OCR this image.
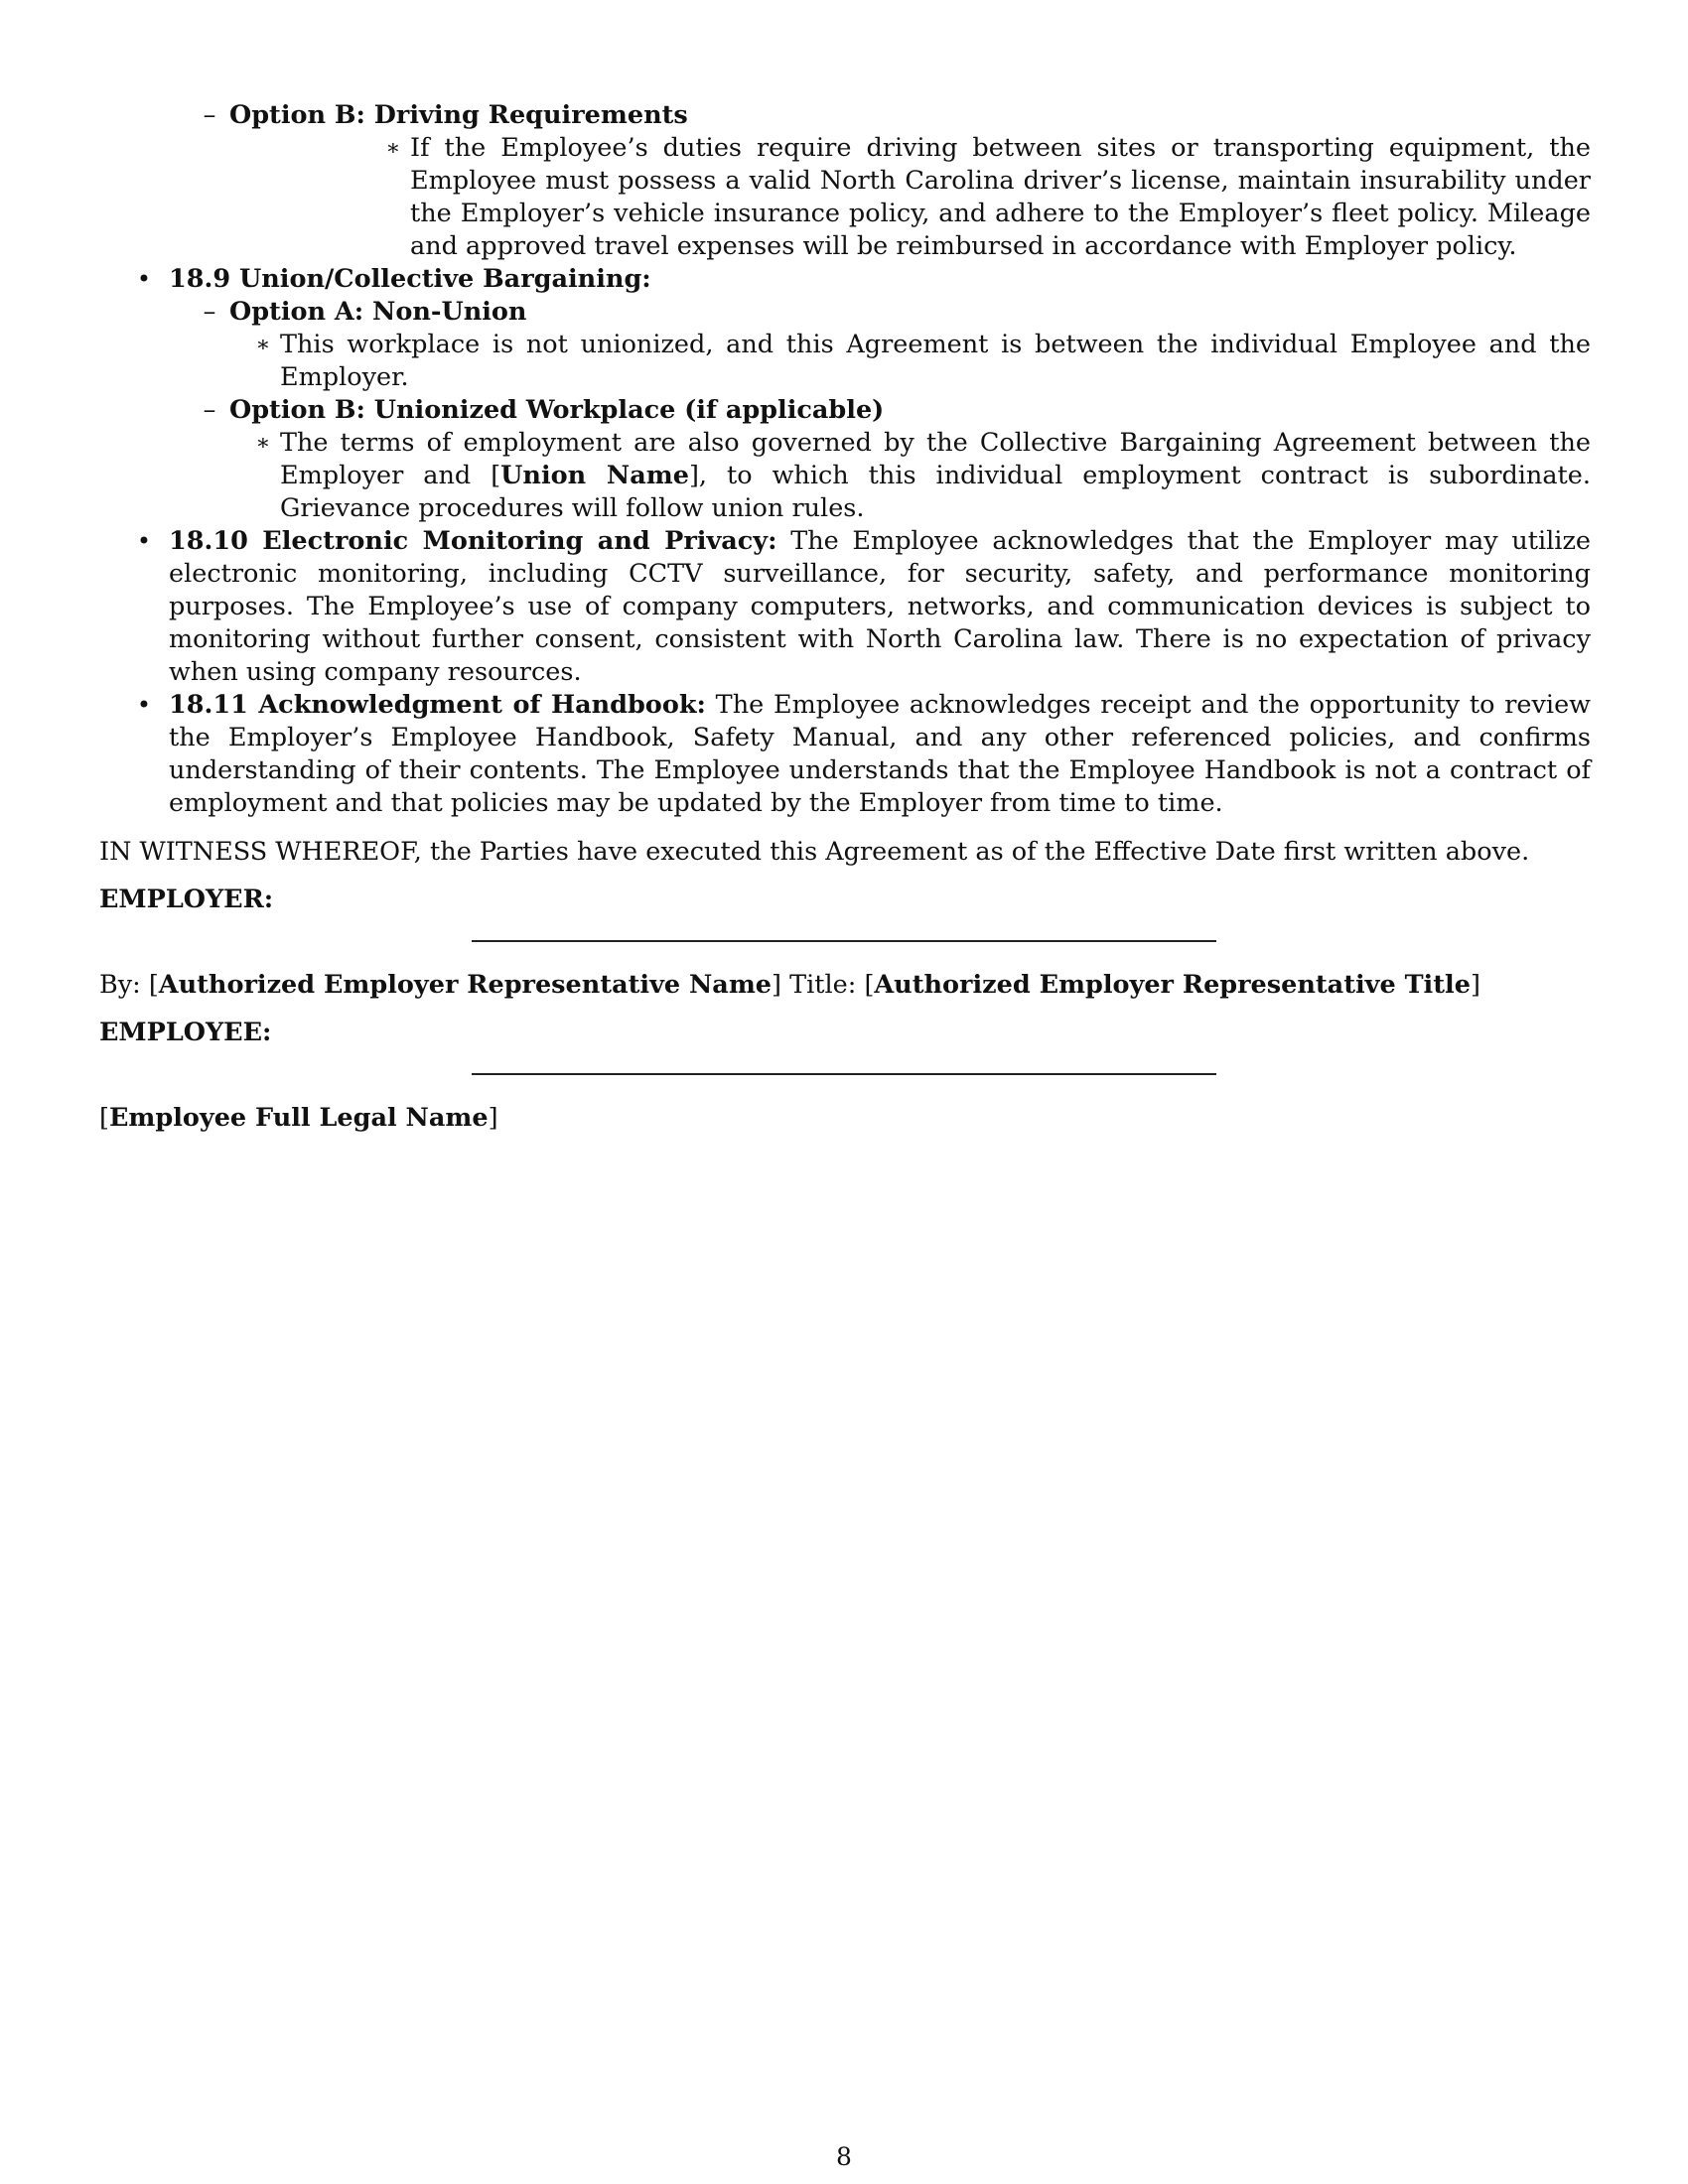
– Option B: Driving Requirements
∗ If the Employee’s duties require driving between sites or transporting equipment, the Employee must possess a valid North Carolina driver’s license, maintain insurability under the Employer’s vehicle insurance policy, and adhere to the Employer’s fleet policy. Mileage and approved travel expenses will be reimbursed in accordance with Employer policy.
• 18.9 Union/Collective Bargaining:
– Option A: Non-Union
∗ This workplace is not unionized, and this Agreement is between the individual Employee and the Employer.
– Option B: Unionized Workplace (if applicable)
∗ The terms of employment are also governed by the Collective Bargaining Agreement between the Employer and [Union Name], to which this individual employment contract is subordinate. Grievance procedures will follow union rules.
• 18.10 Electronic Monitoring and Privacy: The Employee acknowledges that the Employer may utilize electronic monitoring, including CCTV surveillance, for security, safety, and performance monitoring purposes. The Employee’s use of company computers, networks, and communication devices is subject to monitoring without further consent, consistent with North Carolina law. There is no expectation of privacy when using company resources.
• 18.11 Acknowledgment of Handbook: The Employee acknowledges receipt and the opportunity to review the Employer’s Employee Handbook, Safety Manual, and any other referenced policies, and confirms understanding of their contents. The Employee understands that the Employee Handbook is not a contract of employment and that policies may be updated by the Employer from time to time.
IN WITNESS WHEREOF, the Parties have executed this Agreement as of the Effective Date first written above.
EMPLOYER:
By: [Authorized Employer Representative Name] Title: [Authorized Employer Representative Title]
EMPLOYEE:
[Employee Full Legal Name]
8
